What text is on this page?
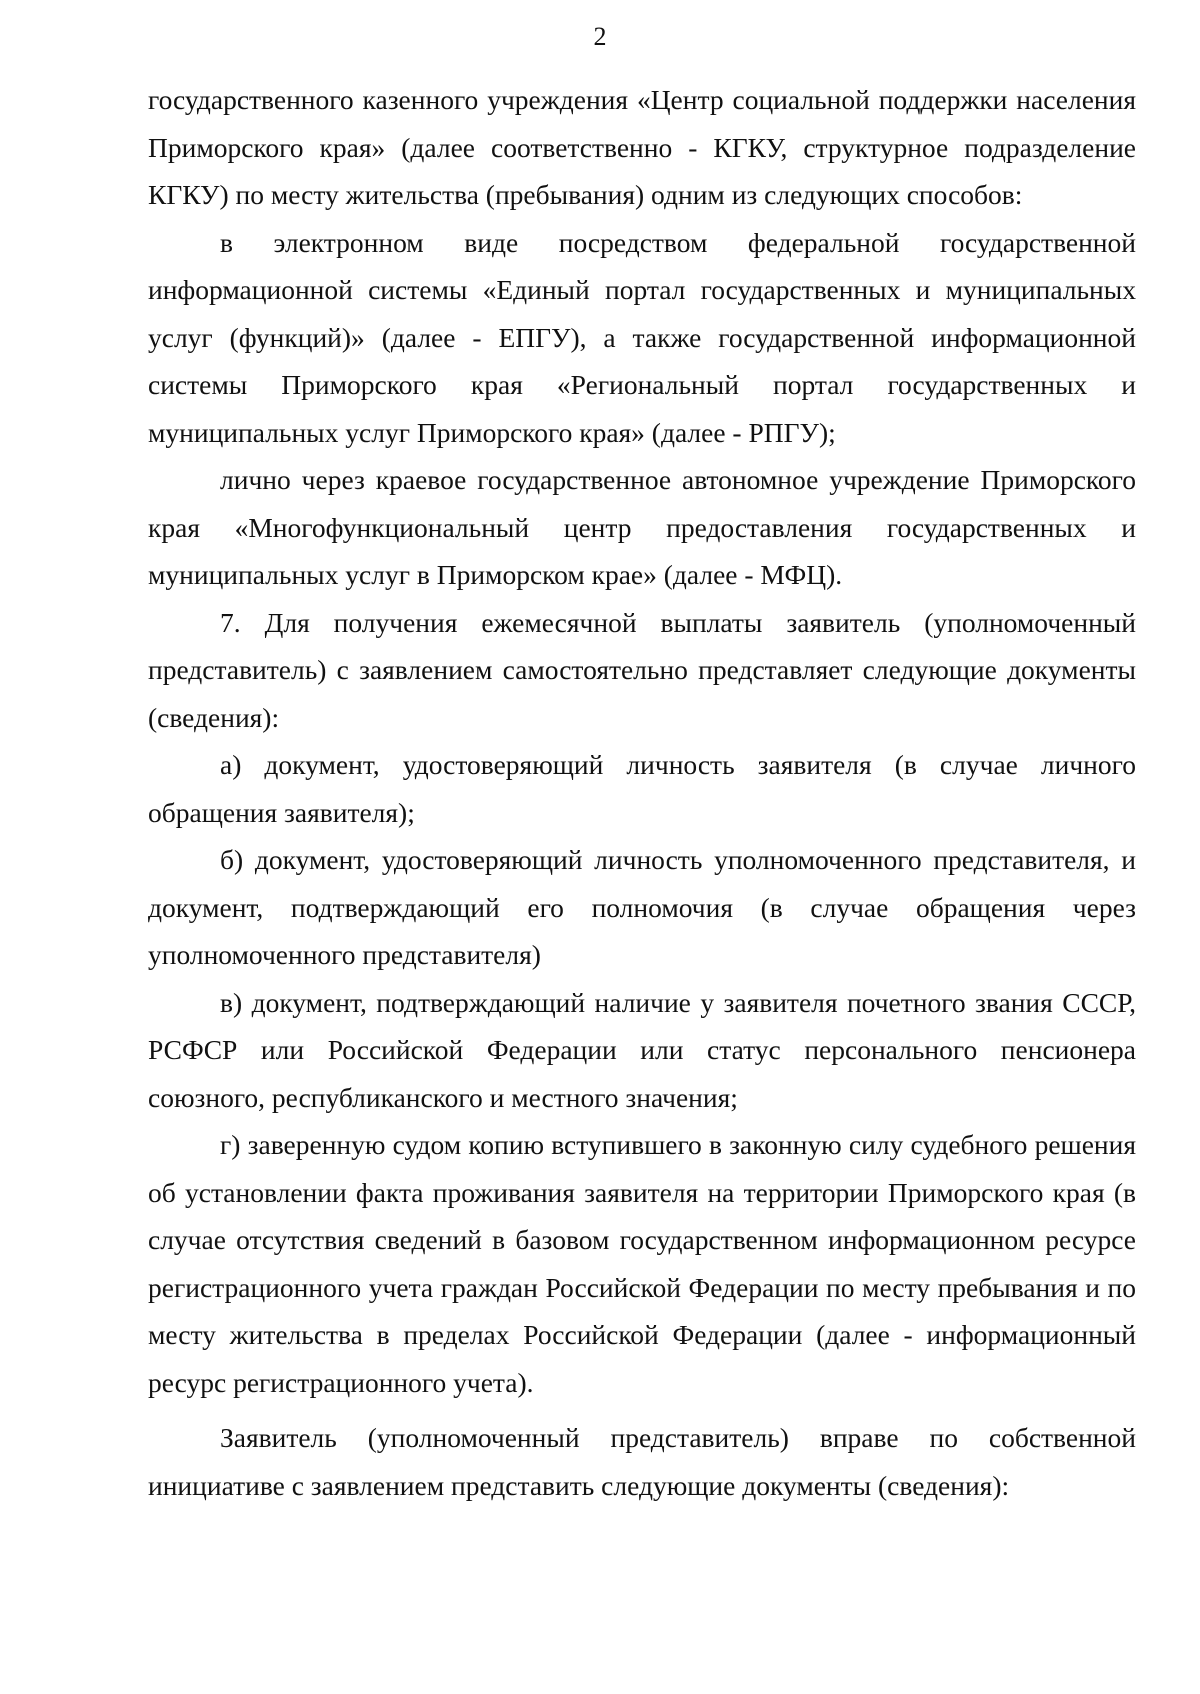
2

государственного казенного учреждения «Центр социальной поддержки населения Приморского края» (далее соответственно - КГКУ, структурное подразделение КГКУ) по месту жительства (пребывания) одним из следующих способов:

в электронном виде посредством федеральной государственной информационной системы «Единый портал государственных и муниципальных услуг (функций)» (далее - ЕПГУ), а также государственной информационной системы Приморского края «Региональный портал государственных и муниципальных услуг Приморского края» (далее - РПГУ);

лично через краевое государственное автономное учреждение Приморского края «Многофункциональный центр предоставления государственных и муниципальных услуг в Приморском крае» (далее - МФЦ).

7. Для получения ежемесячной выплаты заявитель (уполномоченный представитель) с заявлением самостоятельно представляет следующие документы (сведения):

а) документ, удостоверяющий личность заявителя (в случае личного обращения заявителя);

б) документ, удостоверяющий личность уполномоченного представителя, и документ, подтверждающий его полномочия (в случае обращения через уполномоченного представителя)

в) документ, подтверждающий наличие у заявителя почетного звания СССР, РСФСР или Российской Федерации или статус персонального пенсионера союзного, республиканского и местного значения;

г) заверенную судом копию вступившего в законную силу судебного решения об установлении факта проживания заявителя на территории Приморского края (в случае отсутствия сведений в базовом государственном информационном ресурсе регистрационного учета граждан Российской Федерации по месту пребывания и по месту жительства в пределах Российской Федерации (далее - информационный ресурс регистрационного учета).

Заявитель (уполномоченный представитель) вправе по собственной инициативе с заявлением представить следующие документы (сведения):
